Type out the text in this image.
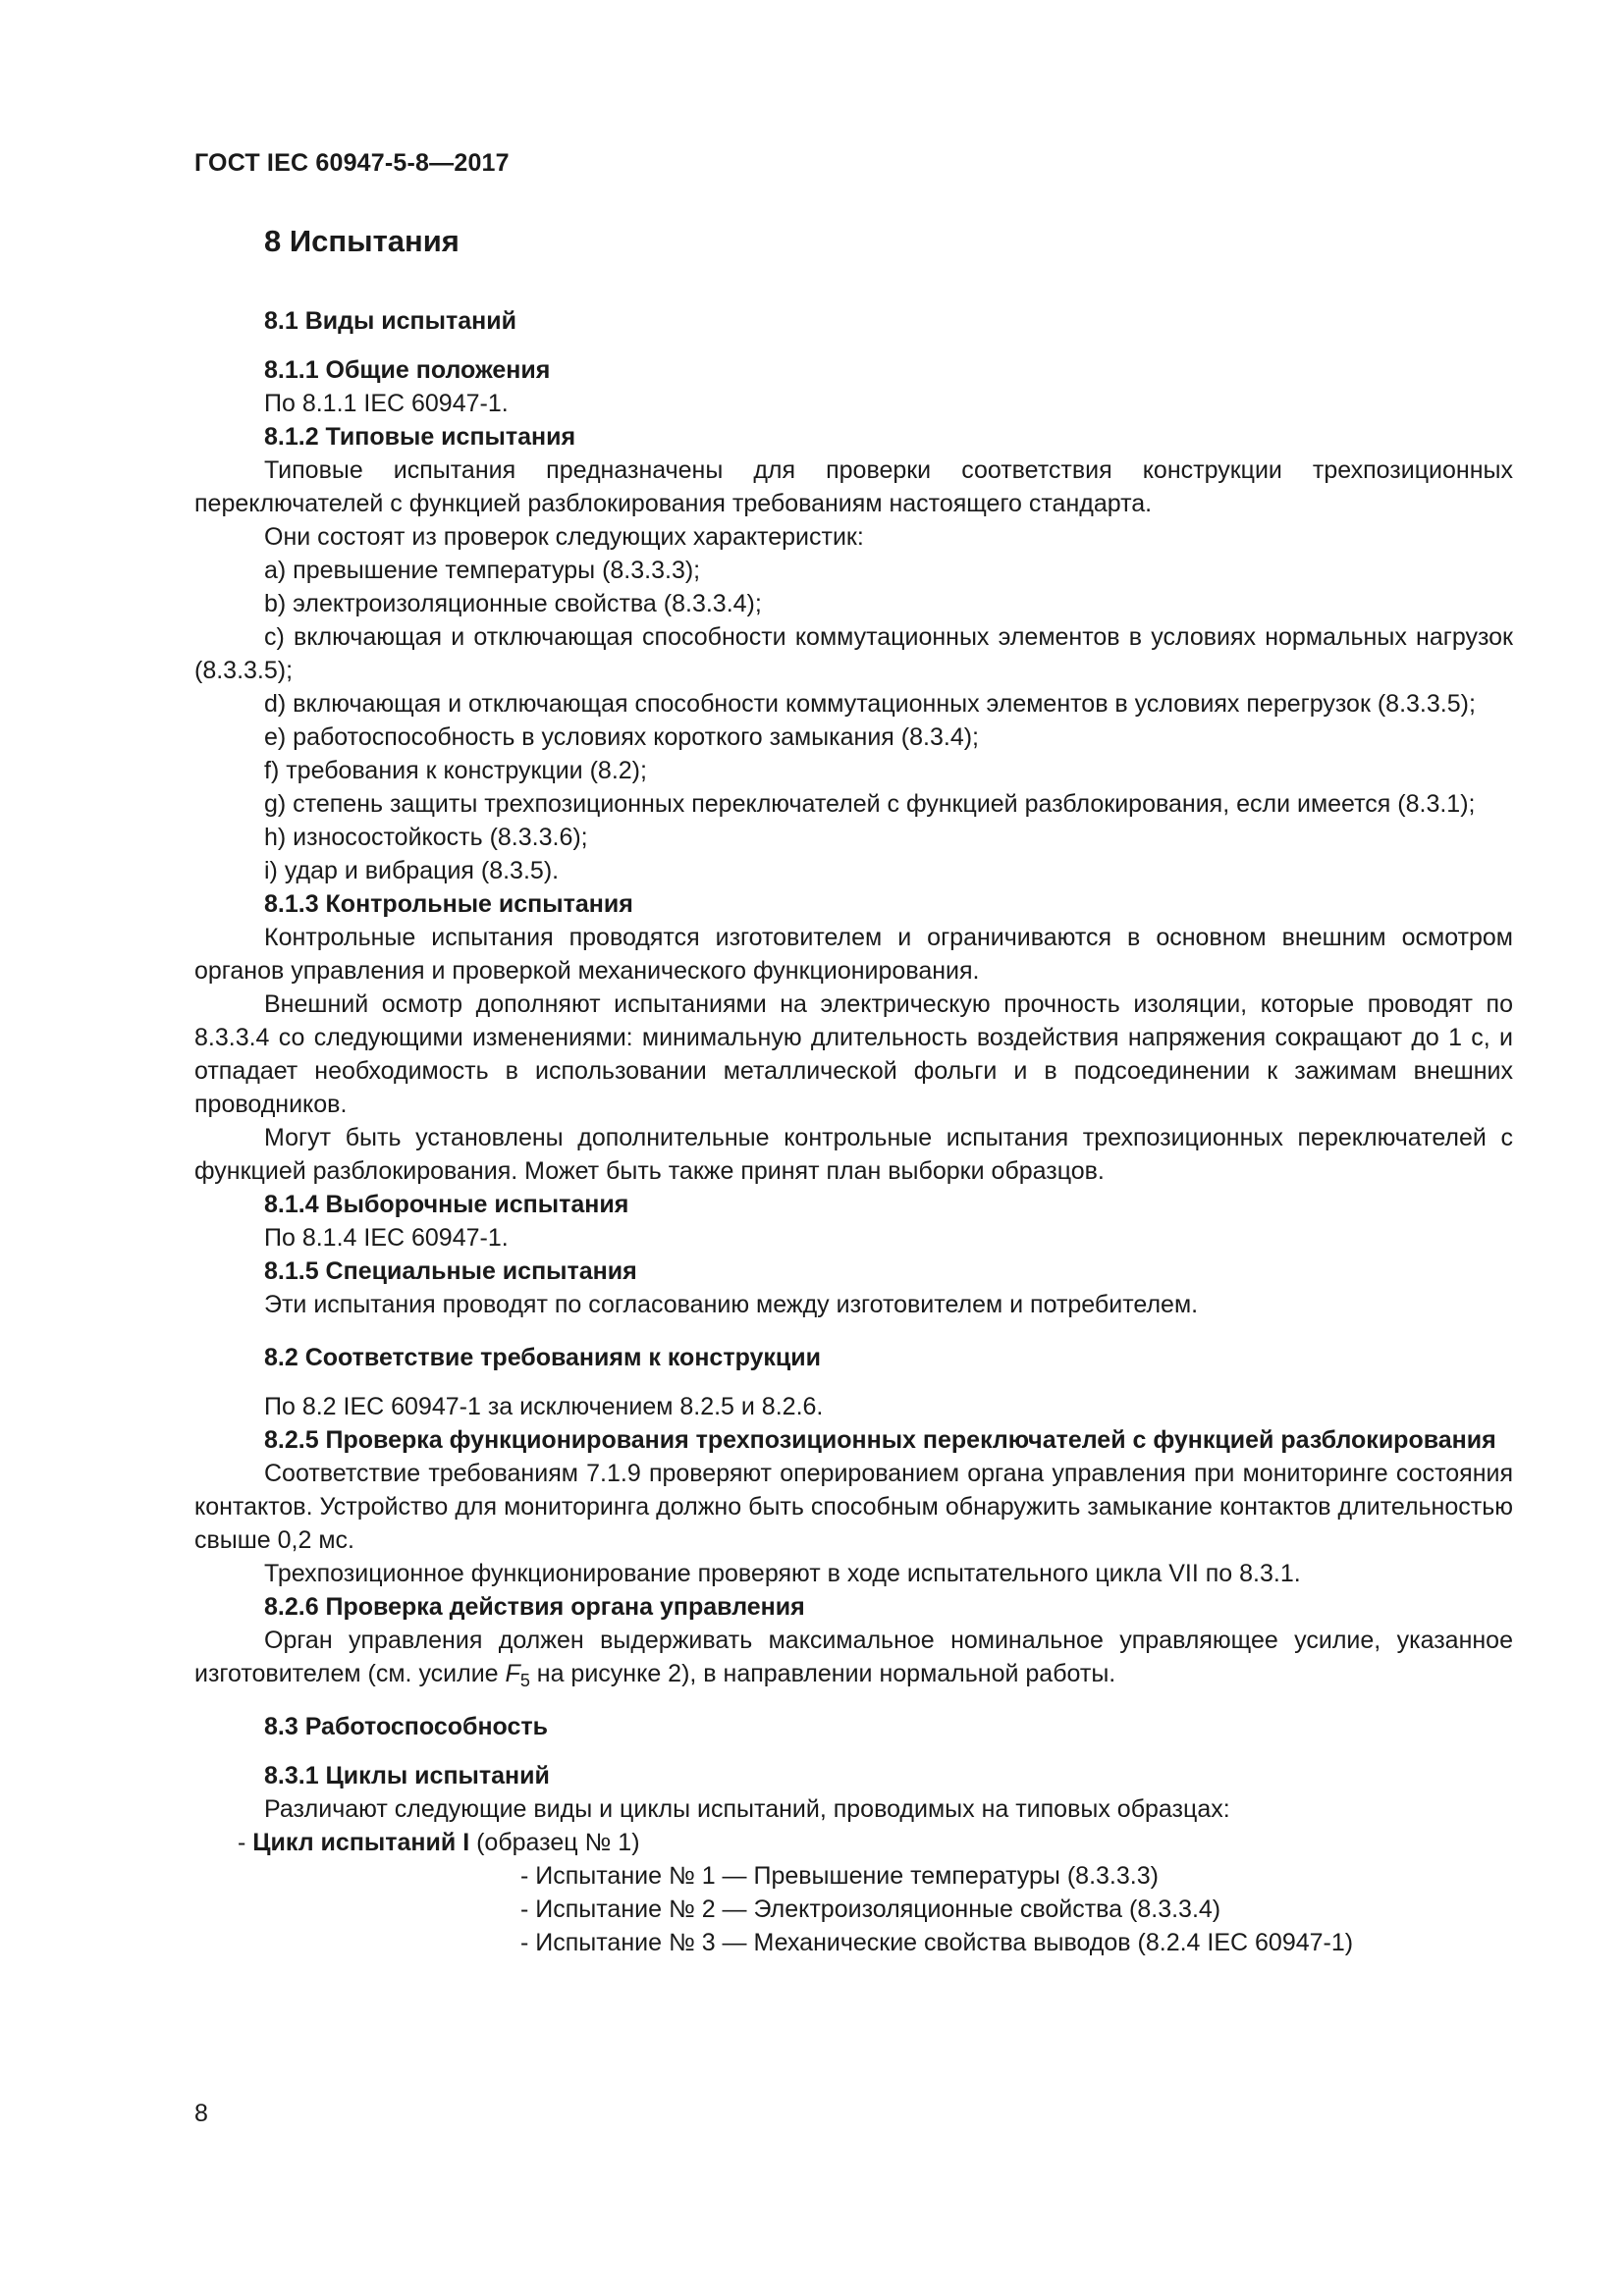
ГОСТ IEC 60947-5-8—2017
8 Испытания
8.1 Виды испытаний
8.1.1 Общие положения

По 8.1.1 IEC 60947-1.

8.1.2 Типовые испытания

Типовые испытания предназначены для проверки соответствия конструкции трехпозиционных переключателей с функцией разблокирования требованиям настоящего стандарта.

Они состоят из проверок следующих характеристик:

a) превышение температуры (8.3.3.3);

b) электроизоляционные свойства (8.3.3.4);

c) включающая и отключающая способности коммутационных элементов в условиях нормальных нагрузок (8.3.3.5);

d) включающая и отключающая способности коммутационных элементов в условиях перегрузок (8.3.3.5);

e) работоспособность в условиях короткого замыкания (8.3.4);

f) требования к конструкции (8.2);

g) степень защиты трехпозиционных переключателей с функцией разблокирования, если имеется (8.3.1);

h) износостойкость (8.3.3.6);

i) удар и вибрация (8.3.5).

8.1.3 Контрольные испытания

Контрольные испытания проводятся изготовителем и ограничиваются в основном внешним осмотром органов управления и проверкой механического функционирования.

Внешний осмотр дополняют испытаниями на электрическую прочность изоляции, которые проводят по 8.3.3.4 со следующими изменениями: минимальную длительность воздействия напряжения сокращают до 1 с, и отпадает необходимость в использовании металлической фольги и в подсоединении к зажимам внешних проводников.

Могут быть установлены дополнительные контрольные испытания трехпозиционных переключателей с функцией разблокирования. Может быть также принят план выборки образцов.

8.1.4 Выборочные испытания

По 8.1.4 IEC 60947-1.

8.1.5 Специальные испытания

Эти испытания проводят по согласованию между изготовителем и потребителем.

8.2 Соответствие требованиям к конструкции

По 8.2 IEC 60947-1 за исключением 8.2.5 и 8.2.6.

8.2.5 Проверка функционирования трехпозиционных переключателей с функцией разблокирования

Соответствие требованиям 7.1.9 проверяют оперированием органа управления при мониторинге состояния контактов. Устройство для мониторинга должно быть способным обнаружить замыкание контактов длительностью свыше 0,2 мс.

Трехпозиционное функционирование проверяют в ходе испытательного цикла VII по 8.3.1.

8.2.6 Проверка действия органа управления

Орган управления должен выдерживать максимальное номинальное управляющее усилие, указанное изготовителем (см. усилие $F_5$ на рисунке 2), в направлении нормальной работы.

8.3 Работоспособность
8.3.1 Циклы испытаний

Различают следующие виды и циклы испытаний, проводимых на типовых образцах:

- Цикл испытаний I (образец № 1)
- Испытание № 1 — Превышение температуры (8.3.3.3)
- Испытание № 2 — Электроизоляционные свойства (8.3.3.4)
- Испытание № 3 — Механические свойства выводов (8.2.4 IEC 60947-1)
8
